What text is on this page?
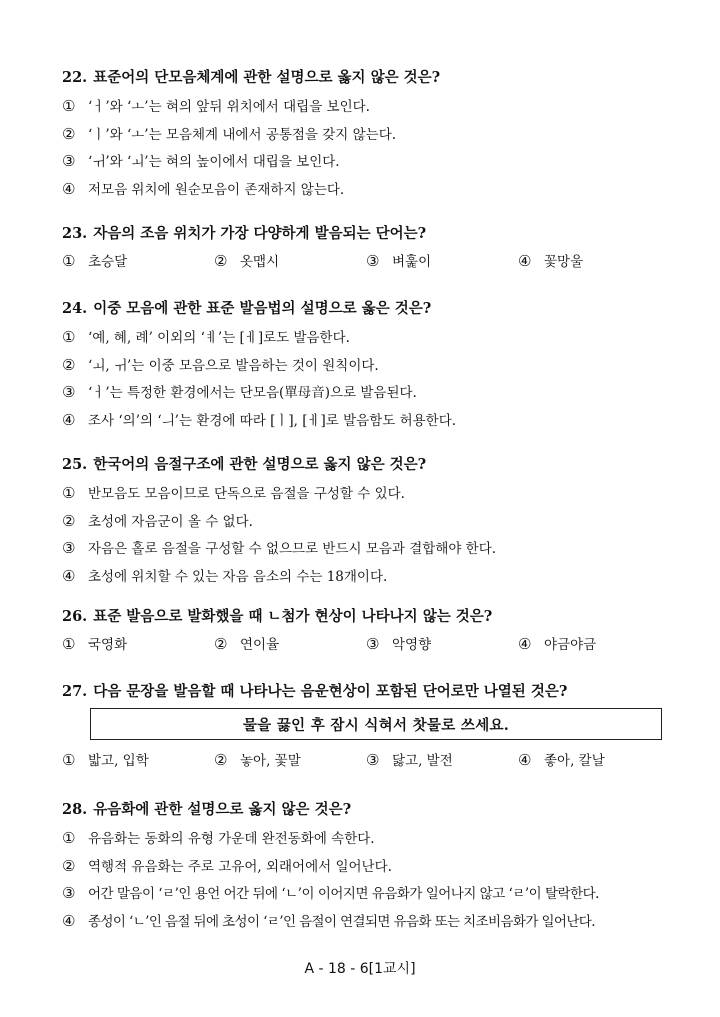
22. 표준어의 단모음체계에 관한 설명으로 옳지 않은 것은?
① ‘ㅓ’와 ‘ㅗ’는 혀의 앞뒤 위치에서 대립을 보인다.
② ‘ㅣ’와 ‘ㅗ’는 모음체계 내에서 공통점을 갖지 않는다.
③ ‘ㅟ’와 ‘ㅚ’는 혀의 높이에서 대립을 보인다.
④ 저모음 위치에 원순모음이 존재하지 않는다.
23. 자음의 조음 위치가 가장 다양하게 발음되는 단어는?
① 초승달	② 옷맵시	③ 벼훑이	④ 꽃망울
24. 이중 모음에 관한 표준 발음법의 설명으로 옳은 것은?
① ‘예, 혜, 례’ 이외의 ‘ㅖ’는 [ㅔ]로도 발음한다.
② ‘ㅚ, ㅟ’는 이중 모음으로 발음하는 것이 원칙이다.
③ ‘ㅓ’는 특정한 환경에서는 단모음(單母音)으로 발음된다.
④ 조사 ‘의’의 ‘ㅢ’는 환경에 따라 [ㅣ], [ㅔ]로 발음함도 허용한다.
25. 한국어의 음절구조에 관한 설명으로 옳지 않은 것은?
① 반모음도 모음이므로 단독으로 음절을 구성할 수 있다.
② 초성에 자음군이 올 수 없다.
③ 자음은 홀로 음절을 구성할 수 없으므로 반드시 모음과 결합해야 한다.
④ 초성에 위치할 수 있는 자음 음소의 수는 18개이다.
26. 표준 발음으로 발화했을 때 ㄴ첨가 현상이 나타나지 않는 것은?
① 국영화	② 연이율	③ 악영향	④ 야금야금
27. 다음 문장을 발음할 때 나타나는 음운현상이 포함된 단어로만 나열된 것은?
물을 끓인 후 잠시 식혀서 찻물로 쓰세요.
① 밟고, 입학	② 놓아, 꽃말	③ 닳고, 발전	④ 좋아, 칼날
28. 유음화에 관한 설명으로 옳지 않은 것은?
① 유음화는 동화의 유형 가운데 완전동화에 속한다.
② 역행적 유음화는 주로 고유어, 외래어에서 일어난다.
③ 어간 말음이 ‘ㄹ’인 용언 어간 뒤에 ‘ㄴ’이 이어지면 유음화가 일어나지 않고 ‘ㄹ’이 탈락한다.
④ 종성이 ‘ㄴ’인 음절 뒤에 초성이 ‘ㄹ’인 음절이 연결되면 유음화 또는 치조비음화가 일어난다.
A - 18 - 6[1교시]
